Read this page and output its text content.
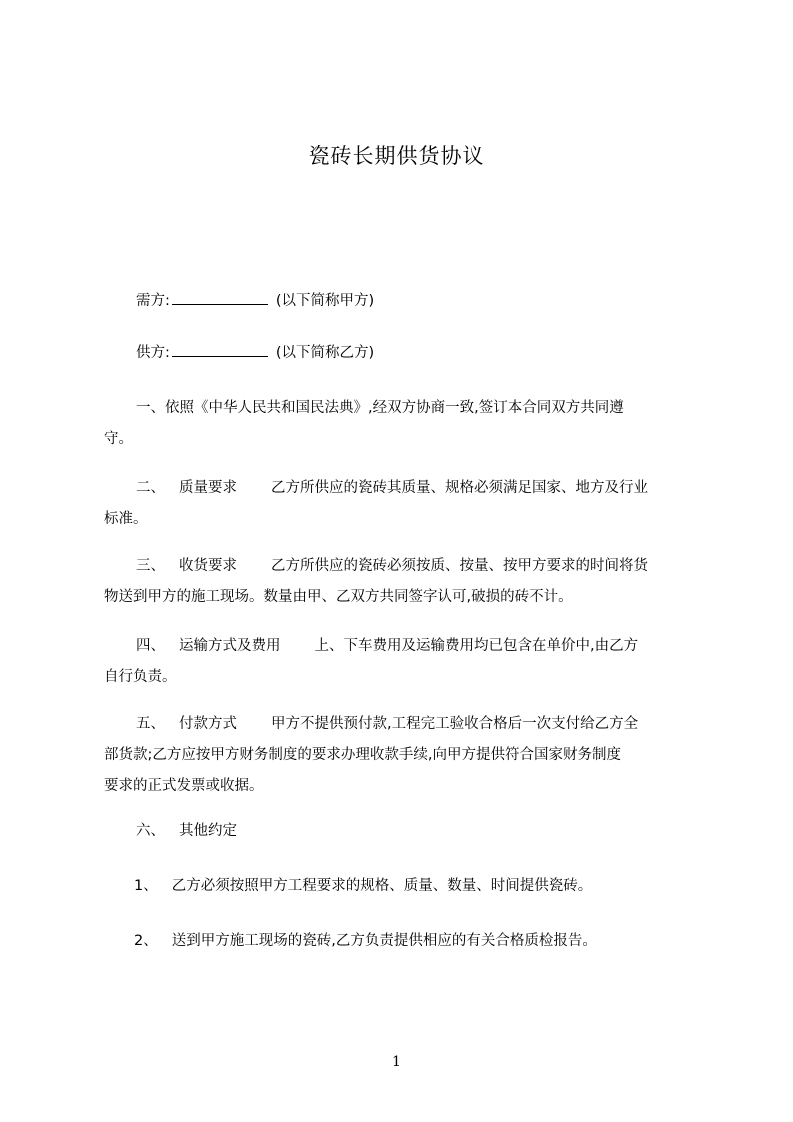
瓷砖长期供货协议
需方:	(以下简称甲方)
供方:	(以下简称乙方)
一、依照《中华人民共和国民法典》,经双方协商一致,签订本合同双方共同遵
守。
二、 质量要求 乙方所供应的瓷砖其质量、规格必须满足国家、地方及行业
标准。
三、 收货要求 乙方所供应的瓷砖必须按质、按量、按甲方要求的时间将货
物送到甲方的施工现场。数量由甲、乙双方共同签字认可,破损的砖不计。
四、 运输方式及费用 上、下车费用及运输费用均已包含在单价中,由乙方
自行负责。
五、 付款方式 甲方不提供预付款,工程完工验收合格后一次支付给乙方全
部货款;乙方应按甲方财务制度的要求办理收款手续,向甲方提供符合国家财务制度
要求的正式发票或收据。
六、 其他约定
1、 乙方必须按照甲方工程要求的规格、质量、数量、时间提供瓷砖。
2、 送到甲方施工现场的瓷砖,乙方负责提供相应的有关合格质检报告。
1
